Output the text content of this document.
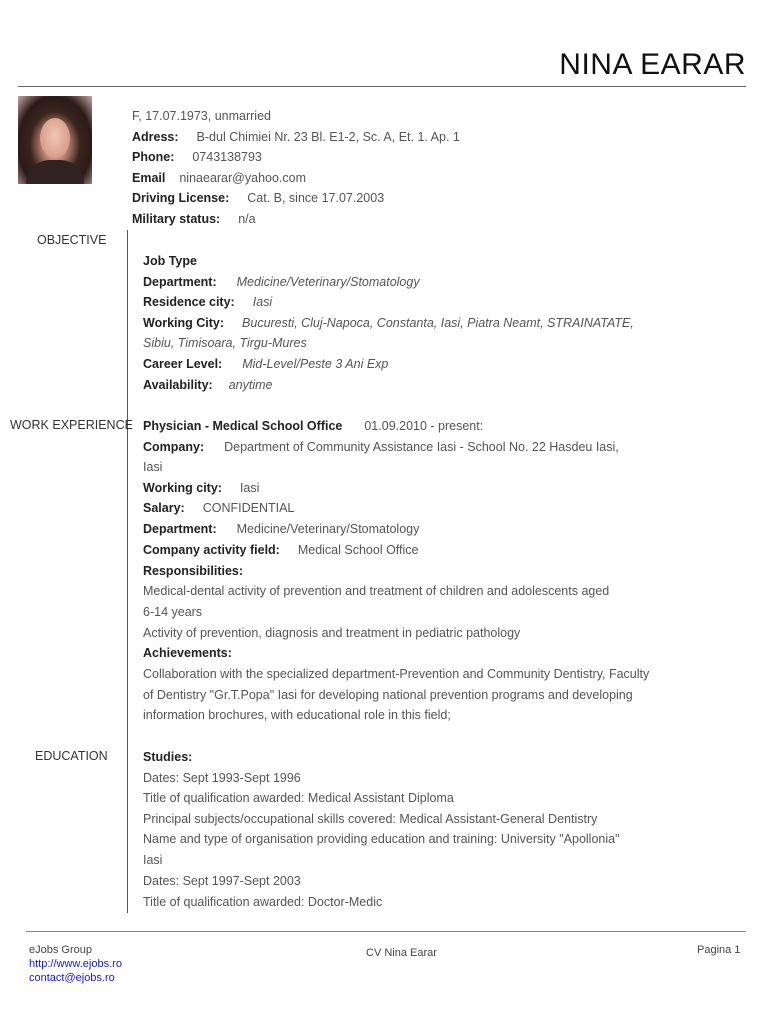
NINA EARAR
F, 17.07.1973, unmarried
Adress: B-dul Chimiei Nr. 23 Bl. E1-2, Sc. A, Et. 1. Ap. 1
Phone: 0743138793
Email ninaearar@yahoo.com
Driving License: Cat. B, since 17.07.2003
Military status: n/a
OBJECTIVE
Job Type
Department: Medicine/Veterinary/Stomatology
Residence city: Iasi
Working City: Bucuresti, Cluj-Napoca, Constanta, Iasi, Piatra Neamt, STRAINATATE,
Sibiu, Timisoara, Tirgu-Mures
Career Level: Mid-Level/Peste 3 Ani Exp
Availability: anytime
WORK EXPERIENCE Physician - Medical School Office 01.09.2010 - present:
Company: Department of Community Assistance Iasi - School No. 22 Hasdeu Iasi,
Iasi
Working city: Iasi
Salary: CONFIDENTIAL
Department: Medicine/Veterinary/Stomatology
Company activity field: Medical School Office
Responsibilities:
Medical-dental activity of prevention and treatment of children and adolescents aged
6-14 years
Activity of prevention, diagnosis and treatment in pediatric pathology
Achievements:
Collaboration with the specialized department-Prevention and Community Dentistry, Faculty
of Dentistry "Gr.T.Popa" Iasi for developing national prevention programs and developing
information brochures, with educational role in this field;
EDUCATION	Studies:
Dates: Sept 1993-Sept 1996
Title of qualification awarded: Medical Assistant Diploma
Principal subjects/occupational skills covered: Medical Assistant-General Dentistry
Name and type of organisation providing education and training: University "Apollonia"
Iasi
Dates: Sept 1997-Sept 2003
Title of qualification awarded: Doctor-Medic
eJobs Group
http://www.ejobs.ro
contact@ejobs.ro
CV Nina Earar	Pagina 1
